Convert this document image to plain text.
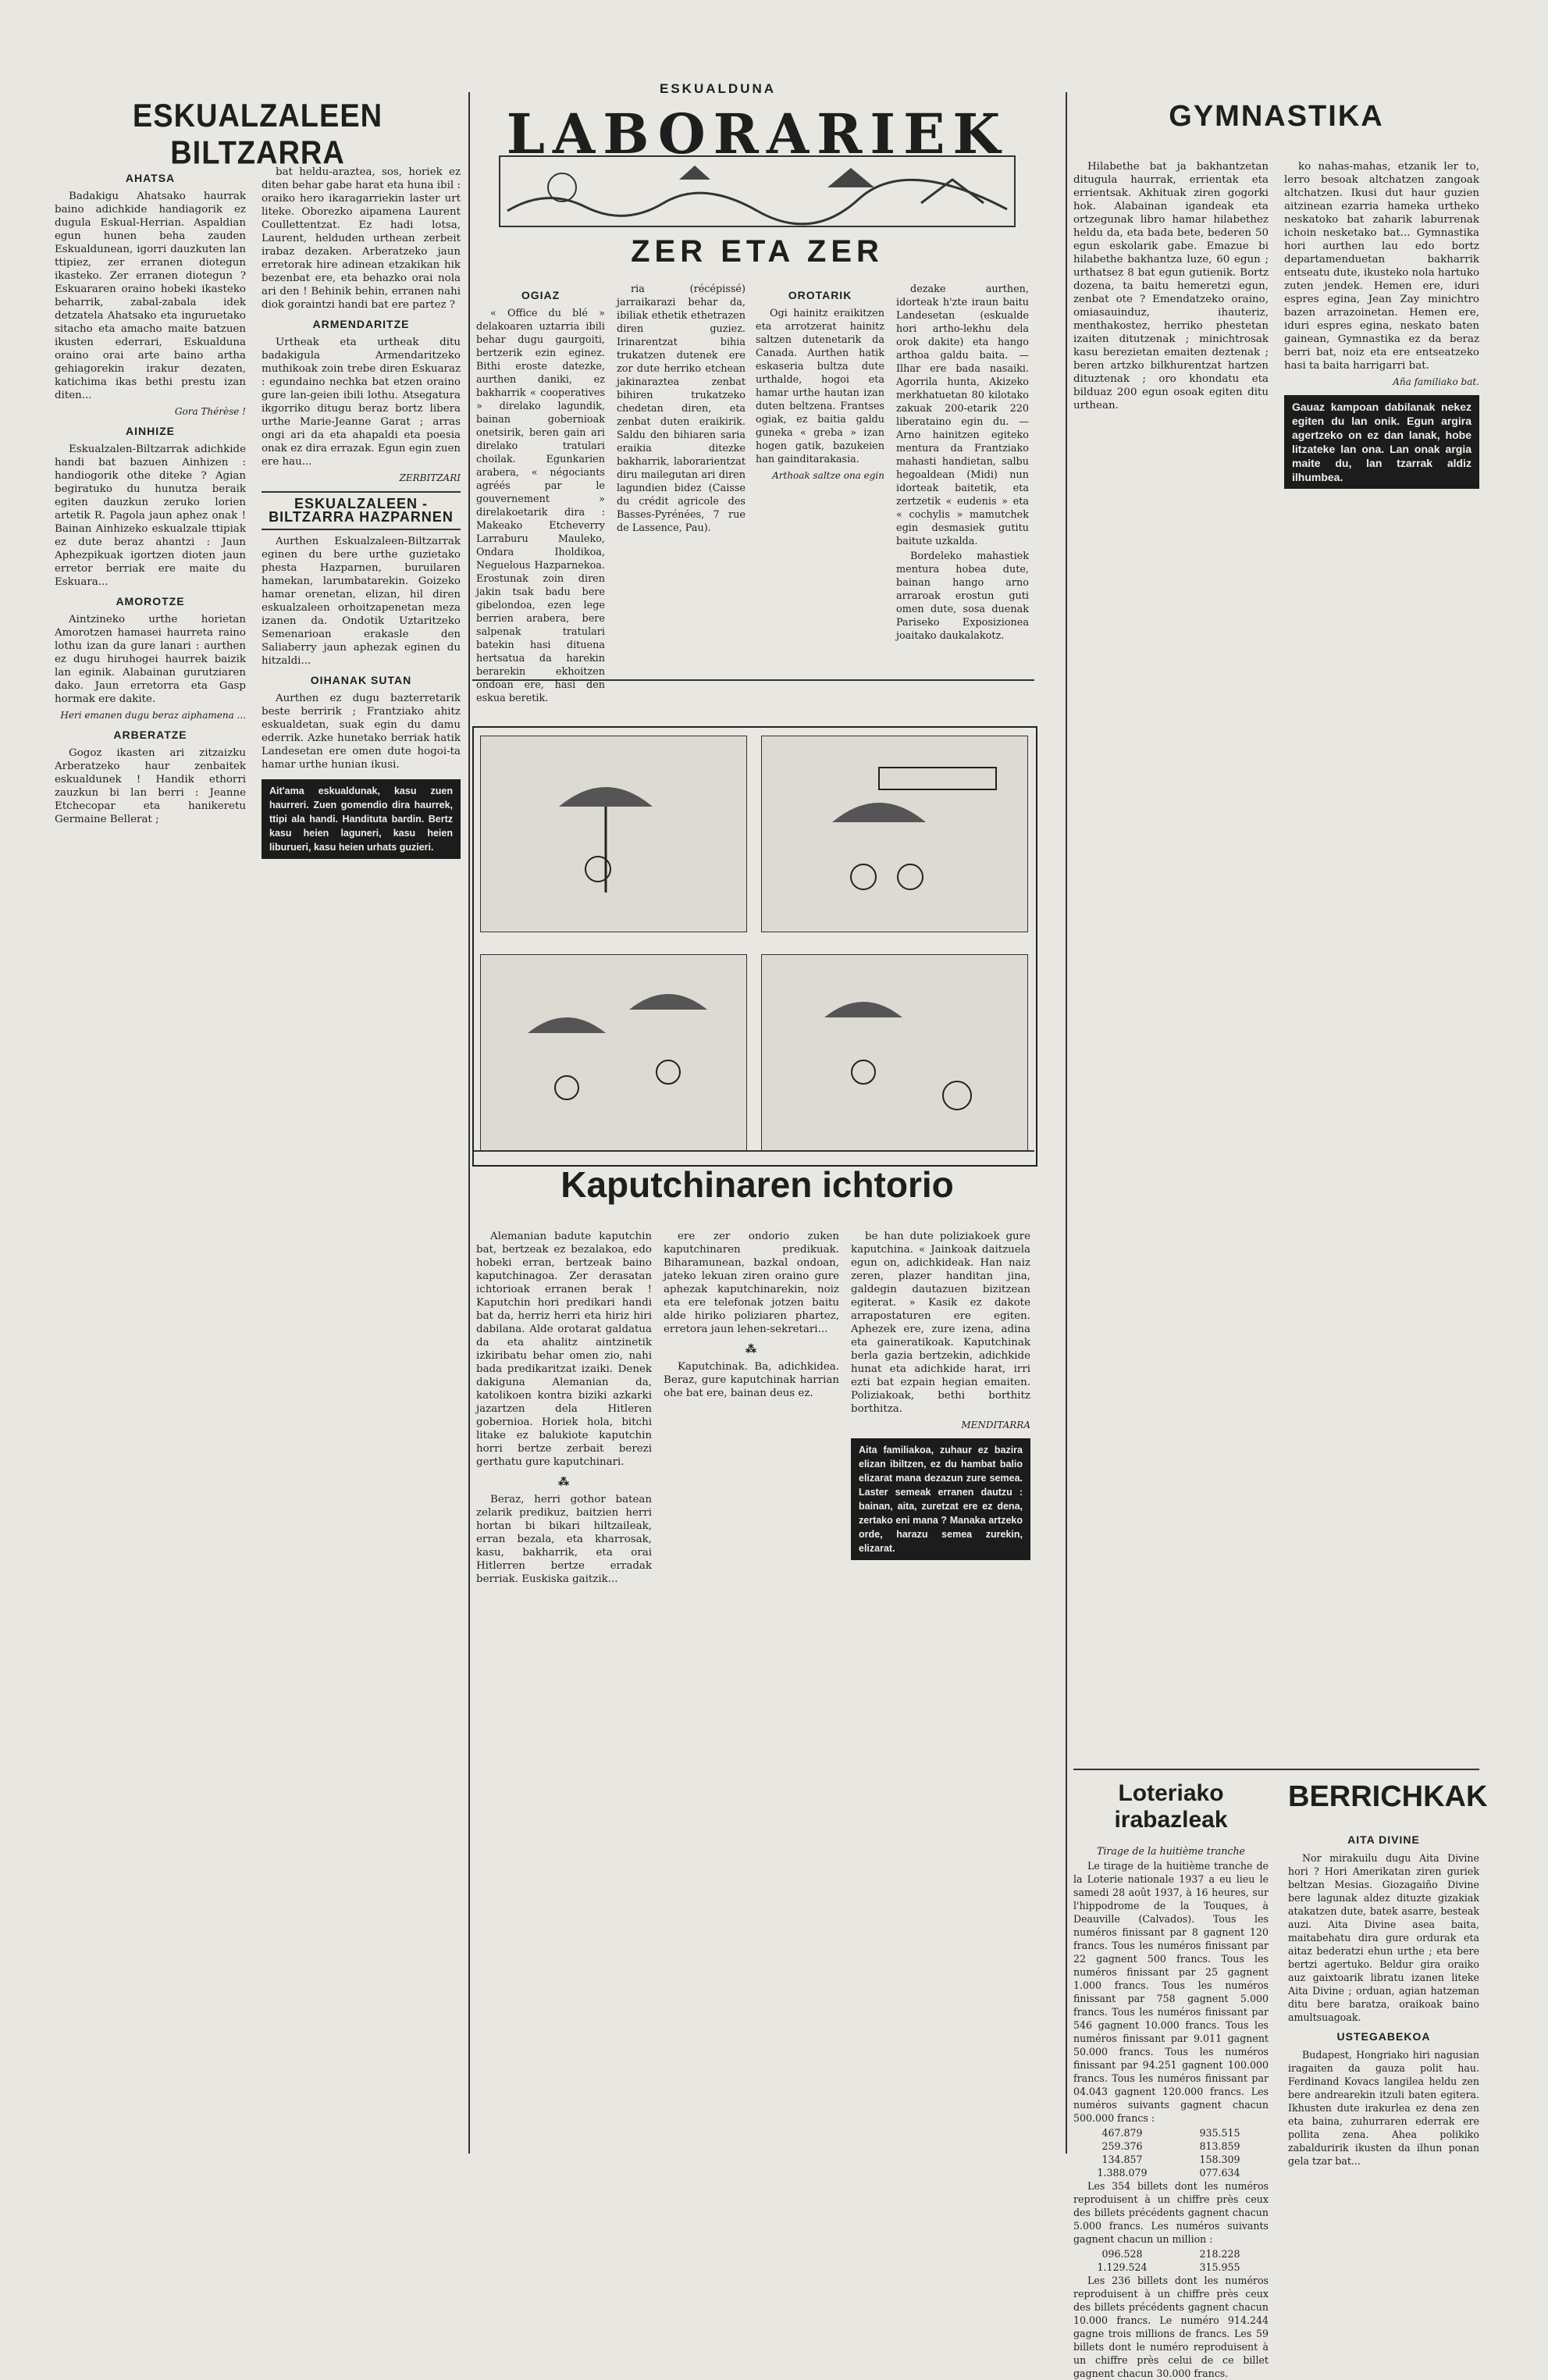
ESKUALDUNA
ESKUALZALEEN BILTZARRA
AHATSA

Badakigu Ahatsako haurrak baino adichkide handiagorik ez dugula Eskual-Herrian. Aspaldian egun hunen beha zauden Eskualdunean, igorri dauzkuten lan ttipiez, zer erranen diotegun ikasteko. Zer erranen diotegun ? Eskuararen oraino hobeki ikasteko beharrik, zabal-zabala idek detzatela Ahatsako eta inguruetako sitacho eta amacho maite batzuen ikusten ederrari, Eskualduna oraino orai arte baino artha gehiagorekin irakur dezaten, katichima ikas bethi prestu izan diten...

Gora Thérèse !

AINHIZE

Eskualzalen-Biltzarrak adichkide handi bat bazuen Ainhizen : handiogorik othe diteke ? Agian begiratuko du hunutza beraik egiten dauzkun zeruko lorien artetik R. Pagola jaun aphez onak ! Bainan Ainhizeko eskualzale ttipiak ez dute beraz ahantzi : Jaun Aphezpikuak igortzen dioten jaun erretor berriak ere maite du Eskuara...

AMOROTZE

Aintzineko urthe horietan Amorotzen hamasei haurreta raino lothu izan da gure lanari : aurthen ez dugu hiruhogei haurrek baizik lan eginik. Alabainan gurutziaren dako. Jaun erretorra eta Gasp hormak ere dakite.

Heri emanen dugu beraz aiphamena ...

ARBERATZE

Gogoz ikasten ari zitzaizku Arberatzeko haur zenbaitek eskualdunek ! Handik ethorri zauzkun bi lan berri : Jeanne Etchecopar eta hanikeretu Germaine Bellerat ;

bat heldu-araztea, sos, horiek ez diten behar gabe harat eta huna ibil : oraiko hero ikaragarriekin laster urt liteke. Oborezko aipamena Laurent Coullettentzat. Ez hadi lotsa, Laurent, helduden urthean zerbeit irabaz dezaken. Arberatzeko jaun erretorak hire adinean etzakikan hik bezenbat ere, eta behazko orai nola ari den ! Behinik behin, erranen nahi diok goraintzi handi bat ere partez ?

ARMENDARITZE

Urtheak eta urtheak ditu badakigula Armendaritzeko muthikoak zoin trebe diren Eskuaraz : egundaino nechka bat etzen oraino gure lan-geien ibili lothu. Atsegatura ikgorriko ditugu beraz bortz libera urthe Marie-Jeanne Garat ; arras ongi ari da eta ahapaldi eta poesia onak ez dira errazak. Egun egin zuen ere hau...

ZERBITZARI

ESKUALZALEEN - BILTZARRA HAZPARNEN

Aurthen Eskualzaleen-Biltzarrak eginen du bere urthe guzietako phesta Hazparnen, buruilaren hamekan, larumbatarekin. Goizeko hamar orenetan, elizan, hil diren eskualzaleen orhoitzapenetan meza izanen da. Ondotik Uztaritzeko Semenarioan erakasle den Saliaberry jaun aphezak eginen du hitzaldi...

OIHANAK SUTAN

Aurthen ez dugu bazterretarik beste berririk ; Frantziako ahitz eskualdetan, suak egin du damu ederrik. Azke hunetako berriak hatik Landesetan ere omen dute hogoi-ta hamar urthe hunian ikusi.

Ait'ama eskualdunak, kasu zuen haurreri. Zuen gomendio dira haurrek, ttipi ala handi. Handituta bardin. Bertz kasu heien laguneri, kasu heien liburueri, kasu heien urhats guzieri.
LABORARIEK
ZER ETA ZER
OGIAZ

« Office du blé » delakoaren uztarria ibili behar dugu gaurgoiti, bertzerik ezin eginez. Bithi eroste datezke, aurthen daniki, ez bakharrik « cooperatives » direlako lagundik, bainan gobernioak onetsirik, beren gain ari direlako tratulari choilak. Egunkarien arabera, « négociants agréés par le gouvernement » direlakoetarik dira : Makeako Etcheverry Larraburu Mauleko, Ondara Iholdikoa, Neguelous Hazparnekoa. Erostunak zoin diren jakin tsak badu bere gibelondoa, ezen lege berrien arabera, bere salpenak tratulari batekin hasi dituena hertsatua da harekin berarekin ekhoitzen ondoan ere, hasi den eskua beretik.

ria (récépissé) jarraikarazi behar da, ibiliak ethetik ethetrazen diren guziez. Irinarentzat bihia trukatzen dutenek ere zor dute herriko etchean jakinaraztea zenbat bihiren trukatzeko chedetan diren, eta zenbat duten eraikirik. Saldu den bihiaren saria eraikia ditezke bakharrik, laborarientzat diru mailegutan ari diren lagundien bidez (Caisse du crédit agricole des Basses-Pyrénées, 7 rue de Lassence, Pau).

OROTARIK

Ogi hainitz eraikitzen eta arrotzerat hainitz saltzen dutenetarik da Canada. Aurthen hatik eskaseria bultza dute urthalde, hogoi eta hamar urthe hautan izan duten beltzena. Frantses ogiak, ez baitia galdu guneka « greba » izan hogen gatik, bazukeien han gainditarakasia.

Arthoak saltze ona egin

dezake aurthen, idorteak h'zte iraun baitu Landesetan (eskualde hori artho-lekhu dela orok dakite) eta hango arthoa galdu baita. — Ilhar ere bada nasaiki. Agorrila hunta, Akizeko merkhatuetan 80 kilotako zakuak 200-etarik 220 liberataino egin du. — Arno hainitzen egiteko mentura da Frantziako mahasti handietan, salbu hegoaldean (Midi) nun idorteak baitetik, eta zertzetik « eudenis » eta « cochylis » mamutchek egin desmasiek gutitu baitute uzkalda.

Bordeleko mahastiek mentura hobea dute, bainan hango arno arraroak erostun guti omen dute, sosa duenak Pariseko Exposizionea joaitako daukalakotz.

Kaputchinaren ichtorio

Alemanian badute kaputchin bat, bertzeak ez bezalakoa, edo hobeki erran, bertzeak baino kaputchinagoa. Zer derasatan ichtorioak erranen berak ! Kaputchin hori predikari handi bat da, herriz herri eta hiriz hiri dabilana. Alde orotarat galdatua da eta ahalitz aintzinetik izkiribatu behar omen zio, nahi bada predikaritzat izaiki. Denek dakiguna Alemanian da, katolikoen kontra biziki azkarki jazartzen dela Hitleren gobernioa. Horiek hola, bitchi litake ez balukiote kaputchin horri bertze zerbait berezi gerthatu gure kaputchinari.

⁂

Beraz, herri gothor batean zelarik predikuz, baitzien herri hortan bi bikari hiltzaileak, erran bezala, eta kharrosak, kasu, bakharrik, eta orai Hitlerren bertze erradak berriak. Euskiska gaitzik...

ere zer ondorio zuken kaputchinaren predikuak. Biharamunean, bazkal ondoan, jateko lekuan ziren oraino gure aphezak kaputchinarekin, noiz eta ere telefonak jotzen baitu alde hiriko poliziaren phartez, erretora jaun lehen-sekretari...

⁂

Kaputchinak. Ba, adichkidea. Beraz, gure kaputchinak harrian ohe bat ere, bainan deus ez.

be han dute poliziakoek gure kaputchina. « Jainkoak daitzuela egun on, adichkideak. Han naiz zeren, plazer handitan jina, galdegin dautazuen bizitzean egiterat. » Kasik ez dakote arrapostaturen ere egiten. Aphezek ere, zure izena, adina eta gaineratikoak. Kaputchinak berla gazia bertzekin, adichkide hunat eta adichkide harat, irri ezti bat ezpain hegian emaiten. Poliziakoak, bethi borthitz borthitza.

MENDITARRA

Aita familiakoa, zuhaur ez bazira elizan ibiltzen, ez du hambat balio elizarat mana dezazun zure semea. Laster semeak erranen dautzu : bainan, aita, zuretzat ere ez dena, zertako eni mana ? Manaka artzeko orde, harazu semea zurekin, elizarat.
GYMNASTIKA

Hilabethe bat ja bakhantzetan ditugula haurrak, errientak eta errientsak. Akhituak ziren gogorki hok. Alabainan igandeak eta ortzegunak libro hamar hilabethez heldu da, eta bada bete, bederen 50 egun eskolarik gabe. Emazue bi hilabethe bakhantza luze, 60 egun ; urthatsez 8 bat egun gutienik. Bortz dozena, ta baitu hemeretzi egun, zenbat ote ? Emendatzeko oraino, omiasauinduz, ihauteriz, menthakostez, herriko phestetan izaiten ditutzenak ; minichtrosak kasu berezietan emaiten deztenak ; beren artzko bilkhurentzat hartzen dituztenak ; oro khondatu eta bilduaz 200 egun osoak egiten ditu urthean.

ko nahas-mahas, etzanik ler to, lerro besoak altchatzen zangoak altchatzen. Ikusi dut haur guzien aitzinean ezarria hameka urtheko neskatoko bat zaharik laburrenak ichoin nesketako bat... Gymnastika hori aurthen lau edo bortz departamenduetan bakharrik entseatu dute, ikusteko nola hartuko zuten jendek. Hemen ere, iduri espres egina, Jean Zay minichtro bazen arrazoinetan. Hemen ere, iduri espres egina, neskato baten gainean, Gymnastika ez da beraz berri bat, noiz eta ere entseatzeko hasi ta baita harrigarri bat.

Aña familiako bat.

Gauaz kampoan dabilanak nekez egiten du lan onik. Egun argira agertzeko on ez dan lanak, hobe litzateke lan ona. Lan onak argia maite du, lan tzarrak aldiz ilhumbea.
Loteriako irabazleak

Tirage de la huitième tranche

Le tirage de la huitième tranche de la Loterie nationale 1937 a eu lieu le samedi 28 août 1937, à 16 heures, sur l'hippodrome de la Touques, à Deauville (Calvados). Tous les numéros finissant par 8 gagnent 120 francs. Tous les numéros finissant par 22 gagnent 500 francs. Tous les numéros finissant par 25 gagnent 1.000 francs. Tous les numéros finissant par 758 gagnent 5.000 francs. Tous les numéros finissant par 546 gagnent 10.000 francs. Tous les numéros finissant par 9.011 gagnent 50.000 francs. Tous les numéros finissant par 94.251 gagnent 100.000 francs. Tous les numéros finissant par 04.043 gagnent 120.000 francs. Les numéros suivants gagnent chacun 500.000 francs :

467.879	935.515
259.376	813.859
134.857	158.309
1.388.079	077.634

Les 354 billets dont les numéros reproduisent à un chiffre près ceux des billets précédents gagnent chacun 5.000 francs. Les numéros suivants gagnent chacun un million :

096.528	218.228
1.129.524	315.955

Les 236 billets dont les numéros reproduisent à un chiffre près ceux des billets précédents gagnent chacun 10.000 francs. Le numéro 914.244 gagne trois millions de francs. Les 59 billets dont le numéro reproduisent à un chiffre près celui de ce billet gagnent chacun 30.000 francs.

BERRICHKAK
AITA DIVINE

Nor mirakuilu dugu Aita Divine hori ? Hori Amerikatan ziren guriek beltzan Mesias. Giozagaiño Divine bere lagunak aldez dituzte gizakiak atakatzen dute, batek asarre, besteak auzi. Aita Divine asea baita, maitabehatu dira gure ordurak eta aitaz bederatzi ehun urthe ; eta bere bertzi agertuko. Beldur gira oraiko auz gaixtoarik libratu izanen liteke Aita Divine ; orduan, agian hatzeman ditu bere baratza, oraikoak baino amultsuagoak.

USTEGABEKOA

Budapest, Hongriako hiri nagusian iragaiten da gauza polit hau. Ferdinand Kovacs langilea heldu zen bere andrearekin itzuli baten egitera. Ikhusten dute irakurlea ez dena zen eta baina, zuhurraren ederrak ere pollita zena. Ahea polikiko zabalduririk ikusten da ilhun ponan gela tzar bat...
